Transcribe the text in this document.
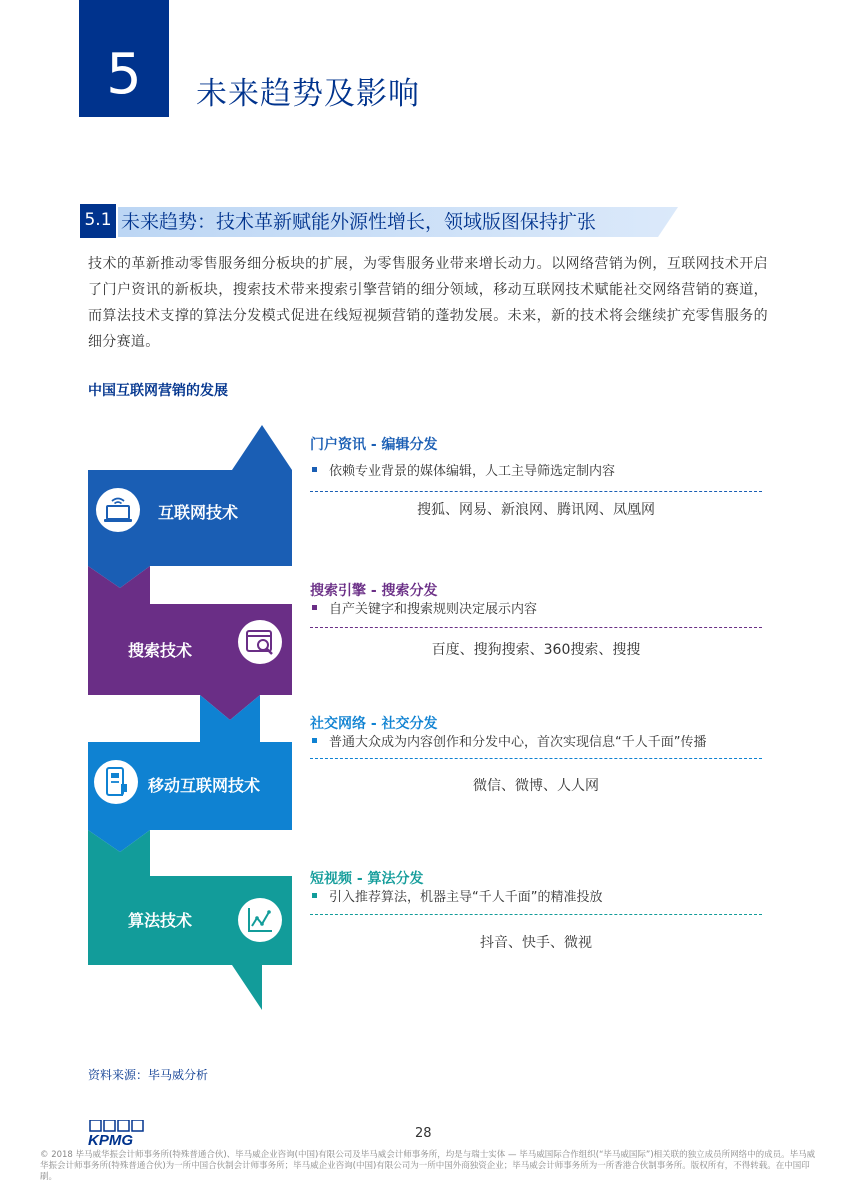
5	未来趋势及影响
5.1 未来趋势：技术革新赋能外源性增长，领域版图保持扩张
技术的革新推动零售服务细分板块的扩展，为零售服务业带来增长动力。以网络营销为例，互联网技术开启了门户资讯的新板块，搜索技术带来搜索引擎营销的细分领域，移动互联网技术赋能社交网络营销的赛道，而算法技术支撑的算法分发模式促进在线短视频营销的蓬勃发展。未来，新的技术将会继续扩充零售服务的细分赛道。
中国互联网营销的发展
互联网技术
搜索技术
移动互联网技术
算法技术
门户资讯 - 编辑分发
依赖专业背景的媒体编辑，人工主导筛选定制内容
搜狐、网易、新浪网、腾讯网、凤凰网
搜索引擎 - 搜索分发
自产关键字和搜索规则决定展示内容
百度、搜狗搜索、360搜索、搜搜
社交网络 - 社交分发
普通大众成为内容创作和分发中心，首次实现信息“千人千面”传播
微信、微博、人人网
短视频 - 算法分发
引入推荐算法，机器主导“千人千面”的精准投放
抖音、快手、微视
资料来源：毕马威分析
KPMG	28
© 2018 毕马威华振会计师事务所(特殊普通合伙)、毕马威企业咨询(中国)有限公司及毕马威会计师事务所，均是与瑞士实体 — 毕马威国际合作组织(“毕马威国际”)相关联的独立成员所网络中的成员。毕马威华振会计师事务所(特殊普通合伙)为一所中国合伙制会计师事务所；毕马威企业咨询(中国)有限公司为一所中国外商独资企业；毕马威会计师事务所为一所香港合伙制事务所。版权所有，不得转载。在中国印刷。
